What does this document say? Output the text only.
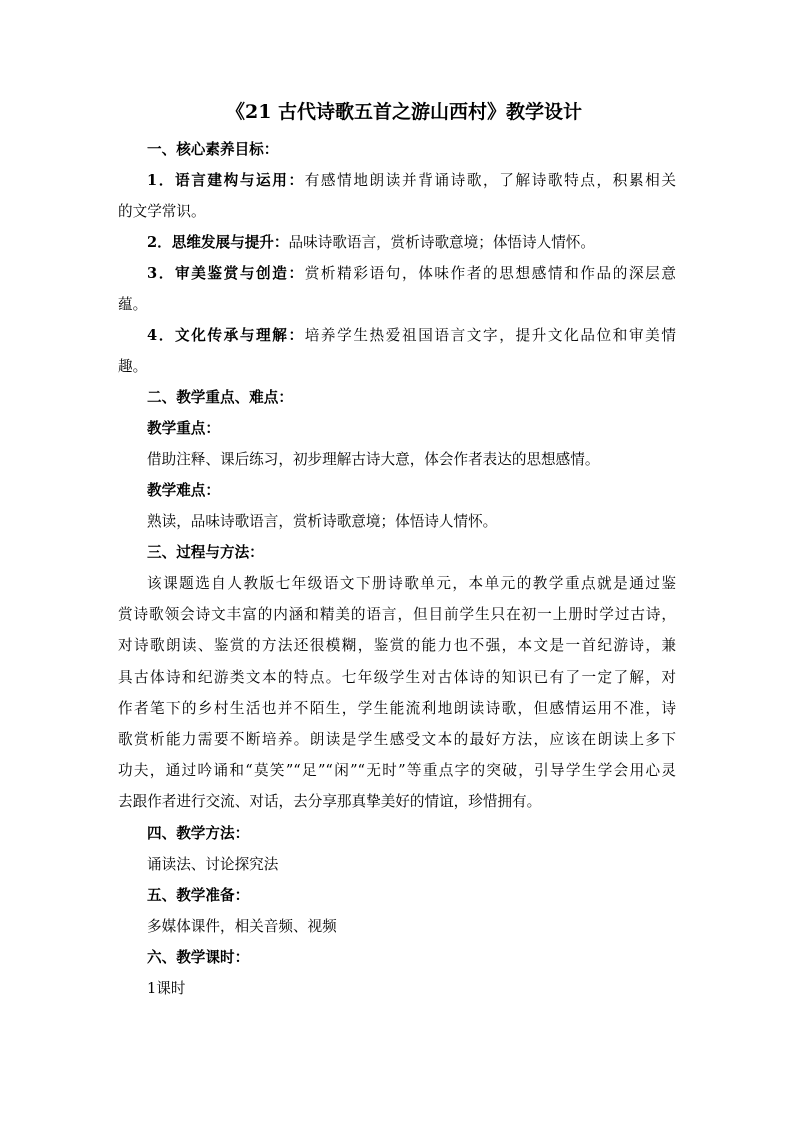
《21 古代诗歌五首之游山西村》教学设计

一、核心素养目标：

1．语言建构与运用：有感情地朗读并背诵诗歌，了解诗歌特点，积累相关
的文学常识。

2．思维发展与提升：品味诗歌语言，赏析诗歌意境；体悟诗人情怀。

3．审美鉴赏与创造：赏析精彩语句，体味作者的思想感情和作品的深层意
蕴。
4．文化传承与理解：培养学生热爱祖国语言文字，提升文化品位和审美情
趣。

二、教学重点、难点：

教学重点：

借助注释、课后练习，初步理解古诗大意，体会作者表达的思想感情。

教学难点：

熟读，品味诗歌语言，赏析诗歌意境；体悟诗人情怀。

三、过程与方法：

该课题选自人教版七年级语文下册诗歌单元，本单元的教学重点就是通过鉴
赏诗歌领会诗文丰富的内涵和精美的语言，但目前学生只在初一上册时学过古诗，
对诗歌朗读、鉴赏的方法还很模糊，鉴赏的能力也不强，本文是一首纪游诗，兼
具古体诗和纪游类文本的特点。七年级学生对古体诗的知识已有了一定了解，对
作者笔下的乡村生活也并不陌生，学生能流利地朗读诗歌，但感情运用不准，诗
歌赏析能力需要不断培养。朗读是学生感受文本的最好方法，应该在朗读上多下
功夫，通过吟诵和“莫笑”“足”“闲”“无时”等重点字的突破，引导学生学会用心灵
去跟作者进行交流、对话，去分享那真挚美好的情谊，珍惜拥有。

四、教学方法：

诵读法、讨论探究法

五、教学准备：

多媒体课件，相关音频、视频

六、教学课时：

1课时
